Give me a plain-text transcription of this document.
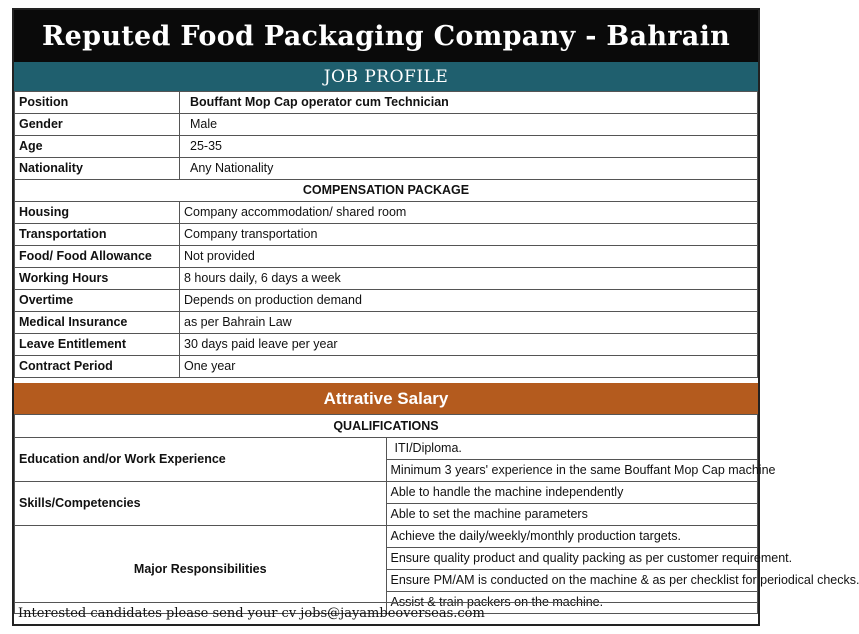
Reputed Food Packaging Company - Bahrain
JOB PROFILE
Position	Bouffant Mop Cap operator cum Technician
Gender	Male
Age	25-35
Nationality	Any Nationality
COMPENSATION PACKAGE	
Housing	Company accommodation/ shared room
Transportation	Company transportation
Food/ Food Allowance	Not provided
Working Hours	8 hours daily, 6 days a week
Overtime	Depends on production demand
Medical Insurance	as per Bahrain Law
Leave Entitlement	30 days paid leave per year
Contract Period	One year
Attrative Salary
QUALIFICATIONS	
Education and/or Work Experience	ITI/Diploma.
	Minimum 3 years' experience in the same Bouffant Mop Cap machine
Skills/Competencies	Able to handle the machine independently
	Able to set the machine parameters
Major Responsibilities	Achieve the daily/weekly/monthly production targets.
	Ensure quality product and quality packing as per customer requirement.
	Ensure PM/AM is conducted on the machine & as per checklist for periodical checks.
	Assist & train packers on the machine.
Interested candidates please send your cv jobs@jayambeoverseas.com
